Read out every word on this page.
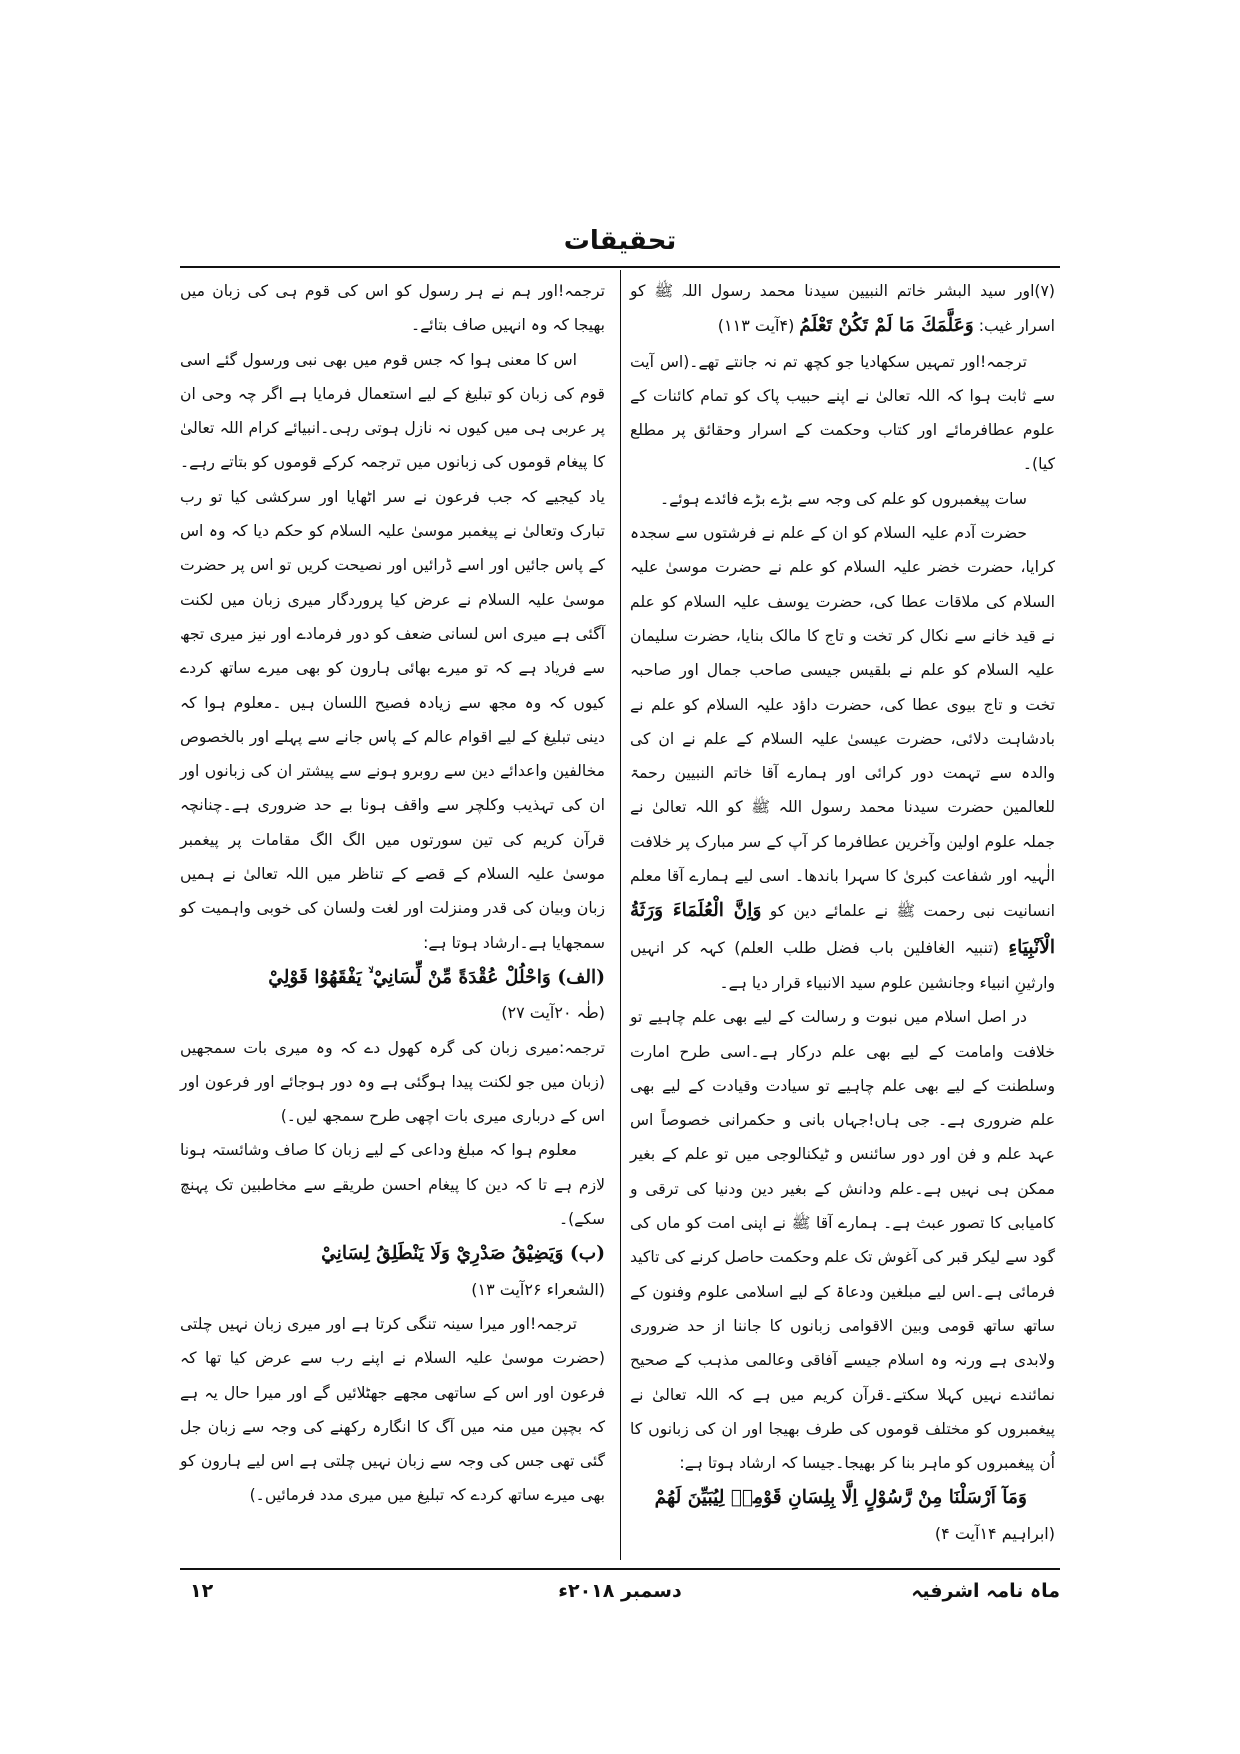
تحقیقات

(۷)اور سید البشر خاتم النبیین سیدنا محمد رسول اللہ ﷺ کو اسرار غیب: وَعَلَّمَكَ مَا لَمْ تَكُنْ تَعْلَمُ (۴آیت ۱۱۳)

ترجمہ!اور تمہیں سکھادیا جو کچھ تم نہ جانتے تھے۔(اس آیت سے ثابت ہوا کہ اللہ تعالیٰ نے اپنے حبیب پاک کو تمام کائنات کے علوم عطافرمائے اور کتاب وحکمت کے اسرار وحقائق پر مطلع کیا)۔

سات پیغمبروں کو علم کی وجہ سے بڑے بڑے فائدے ہوئے۔

حضرت آدم علیہ السلام کو ان کے علم نے فرشتوں سے سجدہ کرایا، حضرت خضر علیہ السلام کو علم نے حضرت موسیٰ علیہ السلام کی ملاقات عطا کی، حضرت یوسف علیہ السلام کو علم نے قید خانے سے نکال کر تخت و تاج کا مالک بنایا، حضرت سلیمان علیہ السلام کو علم نے بلقیس جیسی صاحب جمال اور صاحبہ تخت و تاج بیوی عطا کی، حضرت داؤد علیہ السلام کو علم نے بادشاہت دلائی، حضرت عیسیٰ علیہ السلام کے علم نے ان کی والدہ سے تہمت دور کرائی اور ہمارے آقا خاتم النبیین رحمۃ للعالمین حضرت سیدنا محمد رسول اللہ ﷺ کو اللہ تعالیٰ نے جملہ علوم اولین وآخرین عطافرما کر آپ کے سر مبارک پر خلافت الٰہیہ اور شفاعت کبریٰ کا سہرا باندھا۔ اسی لیے ہمارے آقا معلم انسانیت نبی رحمت ﷺ نے علمائے دین کو وَاِنَّ الْعُلَمَاءَ وَرَثَةُ الْاَنْبِيَاءِ (تنبیہ الغافلین باب فضل طلب العلم) کہہ کر انہیں وارثینِ انبیاء وجانشین علوم سید الانبیاء قرار دیا ہے۔

در اصل اسلام میں نبوت و رسالت کے لیے بھی علم چاہیے تو خلافت وامامت کے لیے بھی علم درکار ہے۔اسی طرح امارت وسلطنت کے لیے بھی علم چاہیے تو سیادت وقیادت کے لیے بھی علم ضروری ہے۔ جی ہاں!جہاں بانی و حکمرانی خصوصاً اس عہد علم و فن اور دور سائنس و ٹیکنالوجی میں تو علم کے بغیر ممکن ہی نہیں ہے۔علم ودانش کے بغیر دین ودنیا کی ترقی و کامیابی کا تصور عبث ہے۔ ہمارے آقا ﷺ نے اپنی امت کو ماں کی گود سے لیکر قبر کی آغوش تک علم وحکمت حاصل کرنے کی تاکید فرمائی ہے۔اس لیے مبلغین ودعاۃ کے لیے اسلامی علوم وفنون کے ساتھ ساتھ قومی وبین الاقوامی زبانوں کا جاننا از حد ضروری ولابدی ہے ورنہ وہ اسلام جیسے آفاقی وعالمی مذہب کے صحیح نمائندے نہیں کہلا سکتے۔قرآن کریم میں ہے کہ اللہ تعالیٰ نے پیغمبروں کو مختلف قوموں کی طرف بھیجا اور ان کی زبانوں کا اُن پیغمبروں کو ماہر بنا کر بھیجا۔جیسا کہ ارشاد ہوتا ہے:
وَمَآ اَرْسَلْنَا مِنْ رَّسُوْلٍ اِلَّا بِلِسَانِ قَوْمِهٖ لِيُبَيِّنَ لَهُمْ
(ابراہیم ۱۴آیت ۴)

ترجمہ!اور ہم نے ہر رسول کو اس کی قوم ہی کی زبان میں بھیجا کہ وہ انہیں صاف بتائے۔

اس کا معنی ہوا کہ جس قوم میں بھی نبی ورسول گئے اسی قوم کی زبان کو تبلیغ کے لیے استعمال فرمایا ہے اگر چہ وحی ان پر عربی ہی میں کیوں نہ نازل ہوتی رہی۔انبیائے کرام اللہ تعالیٰ کا پیغام قوموں کی زبانوں میں ترجمہ کرکے قوموں کو بتاتے رہے۔یاد کیجیے کہ جب فرعون نے سر اٹھایا اور سرکشی کیا تو رب تبارک وتعالیٰ نے پیغمبر موسیٰ علیہ السلام کو حکم دیا کہ وہ اس کے پاس جائیں اور اسے ڈرائیں اور نصیحت کریں تو اس پر حضرت موسیٰ علیہ السلام نے عرض کیا پروردگار میری زبان میں لکنت آگئی ہے میری اس لسانی ضعف کو دور فرمادے اور نیز میری تجھ سے فریاد ہے کہ تو میرے بھائی ہارون کو بھی میرے ساتھ کردے کیوں کہ وہ مجھ سے زیادہ فصیح اللسان ہیں ۔معلوم ہوا کہ دینی تبلیغ کے لیے اقوام عالم کے پاس جانے سے پہلے اور بالخصوص مخالفین واعدائے دین سے روبرو ہونے سے پیشتر ان کی زبانوں اور ان کی تہذیب وکلچر سے واقف ہونا بے حد ضروری ہے۔چنانچہ قرآن کریم کی تین سورتوں میں الگ الگ مقامات پر پیغمبر موسیٰ علیہ السلام کے قصے کے تناظر میں اللہ تعالیٰ نے ہمیں زبان وبیان کی قدر ومنزلت اور لغت ولسان کی خوبی واہمیت کو سمجھایا ہے۔ارشاد ہوتا ہے:

(الف) وَاحْلُلْ عُقْدَةً مِّنْ لِّسَانِيْ ۙ يَفْقَهُوْا قَوْلِيْ
(طٰہ ۲۰آیت ۲۷)

ترجمہ:میری زبان کی گرہ کھول دے کہ وہ میری بات سمجھیں (زبان میں جو لکنت پیدا ہوگئی ہے وہ دور ہوجائے اور فرعون اور اس کے درباری میری بات اچھی طرح سمجھ لیں۔)

معلوم ہوا کہ مبلغ وداعی کے لیے زبان کا صاف وشائستہ ہونا لازم ہے تا کہ دین کا پیغام احسن طریقے سے مخاطبین تک پہنچ سکے)۔

(ب) وَيَضِيْقُ صَدْرِيْ وَلَا يَنْطَلِقُ لِسَانِيْ
(الشعراء ۲۶آیت ۱۳)

ترجمہ!اور میرا سینہ تنگی کرتا ہے اور میری زبان نہیں چلتی (حضرت موسیٰ علیہ السلام نے اپنے رب سے عرض کیا تھا کہ فرعون اور اس کے ساتھی مجھے جھٹلائیں گے اور میرا حال یہ ہے کہ بچپن میں منہ میں آگ کا انگارہ رکھنے کی وجہ سے زبان جل گئی تھی جس کی وجہ سے زبان نہیں چلتی ہے اس لیے ہارون کو بھی میرے ساتھ کردے کہ تبلیغ میں میری مدد فرمائیں۔)

ماہ نامہ اشرفیہ
دسمبر ۲۰۱۸ء
۱۲
